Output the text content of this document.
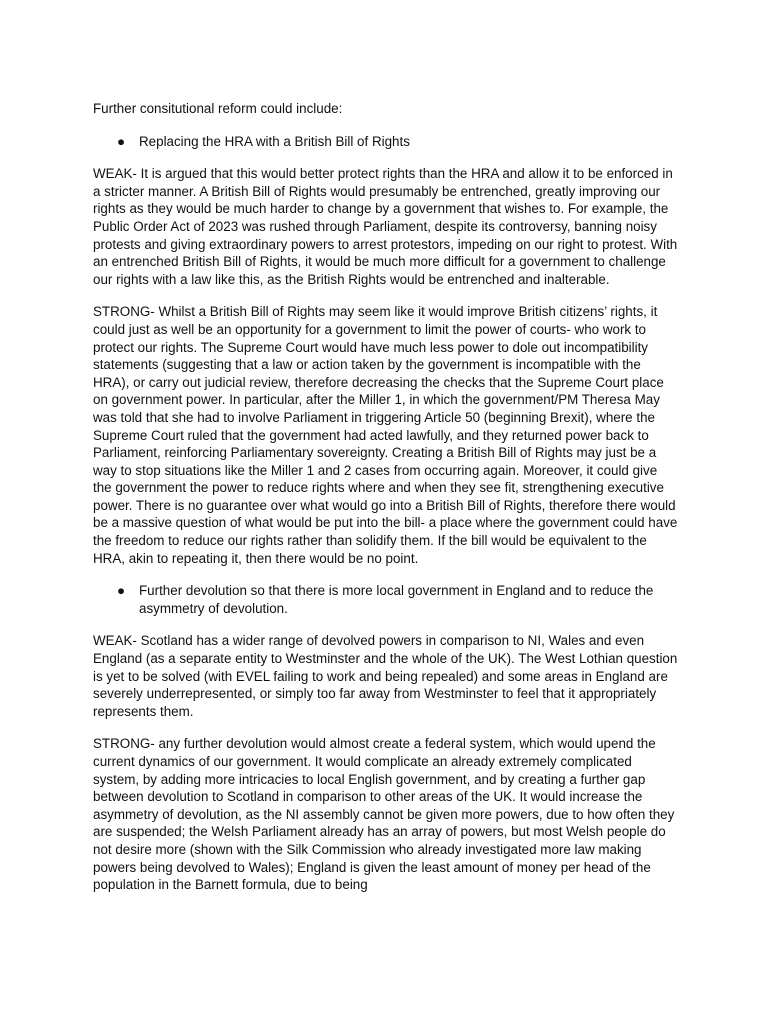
Further consitutional reform could include:

● Replacing the HRA with a British Bill of Rights

WEAK- It is argued that this would better protect rights than the HRA and allow it to be enforced in a stricter manner. A British Bill of Rights would presumably be entrenched, greatly improving our rights as they would be much harder to change by a government that wishes to. For example, the Public Order Act of 2023 was rushed through Parliament, despite its controversy, banning noisy protests and giving extraordinary powers to arrest protestors, impeding on our right to protest. With an entrenched British Bill of Rights, it would be much more difficult for a government to challenge our rights with a law like this, as the British Rights would be entrenched and inalterable.

STRONG- Whilst a British Bill of Rights may seem like it would improve British citizens’ rights, it could just as well be an opportunity for a government to limit the power of courts- who work to protect our rights. The Supreme Court would have much less power to dole out incompatibility statements (suggesting that a law or action taken by the government is incompatible with the HRA), or carry out judicial review, therefore decreasing the checks that the Supreme Court place on government power. In particular, after the Miller 1, in which the government/PM Theresa May was told that she had to involve Parliament in triggering Article 50 (beginning Brexit), where the Supreme Court ruled that the government had acted lawfully, and they returned power back to Parliament, reinforcing Parliamentary sovereignty. Creating a British Bill of Rights may just be a way to stop situations like the Miller 1 and 2 cases from occurring again. Moreover, it could give the government the power to reduce rights where and when they see fit, strengthening executive power. There is no guarantee over what would go into a British Bill of Rights, therefore there would be a massive question of what would be put into the bill- a place where the government could have the freedom to reduce our rights rather than solidify them. If the bill would be equivalent to the HRA, akin to repeating it, then there would be no point.

● Further devolution so that there is more local government in England and to reduce the asymmetry of devolution.

WEAK- Scotland has a wider range of devolved powers in comparison to NI, Wales and even England (as a separate entity to Westminster and the whole of the UK). The West Lothian question is yet to be solved (with EVEL failing to work and being repealed) and some areas in England are severely underrepresented, or simply too far away from Westminster to feel that it appropriately represents them.

STRONG- any further devolution would almost create a federal system, which would upend the current dynamics of our government. It would complicate an already extremely complicated system, by adding more intricacies to local English government, and by creating a further gap between devolution to Scotland in comparison to other areas of the UK. It would increase the asymmetry of devolution, as the NI assembly cannot be given more powers, due to how often they are suspended; the Welsh Parliament already has an array of powers, but most Welsh people do not desire more (shown with the Silk Commission who already investigated more law making powers being devolved to Wales); England is given the least amount of money per head of the population in the Barnett formula, due to being
